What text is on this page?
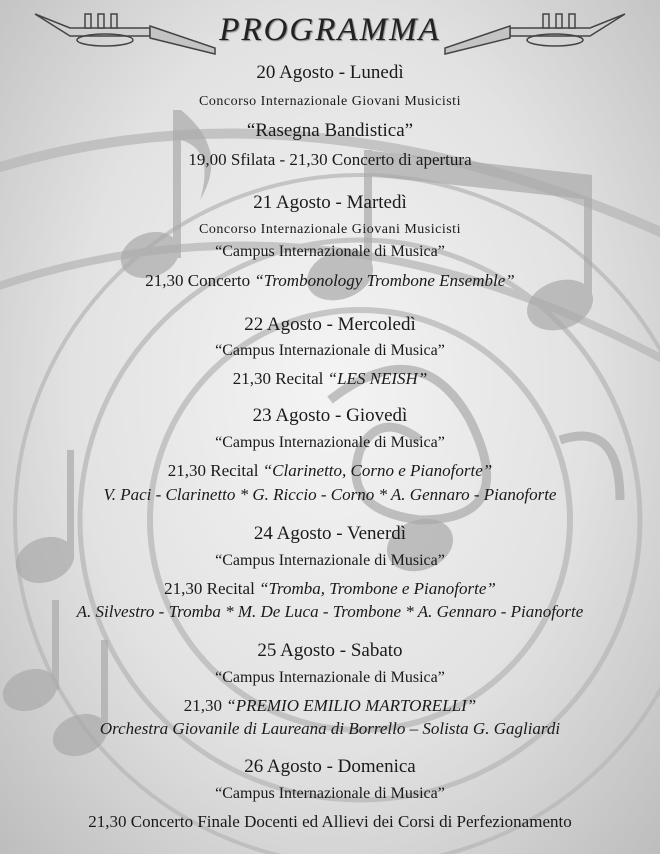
PROGRAMMA
20 Agosto - Lunedì
Concorso Internazionale Giovani Musicisti
“Rasegna Bandistica”
19,00 Sfilata - 21,30 Concerto di apertura
21 Agosto - Martedì
Concorso Internazionale Giovani Musicisti
“Campus Internazionale di Musica”
21,30 Concerto “Trombonology Trombone Ensemble”
22 Agosto - Mercoledì
“Campus Internazionale di Musica”
21,30 Recital “LES NEISH”
23 Agosto - Giovedì
“Campus Internazionale di Musica”
21,30 Recital “Clarinetto, Corno e Pianoforte”
V. Paci - Clarinetto * G. Riccio - Corno * A. Gennaro - Pianoforte
24 Agosto - Venerdì
“Campus Internazionale di Musica”
21,30 Recital “Tromba, Trombone e Pianoforte”
A. Silvestro - Tromba * M. De Luca - Trombone * A. Gennaro - Pianoforte
25 Agosto - Sabato
“Campus Internazionale di Musica”
21,30 “PREMIO EMILIO MARTORELLI”
Orchestra Giovanile di Laureana di Borrello – Solista G. Gagliardi
26 Agosto - Domenica
“Campus Internazionale di Musica”
21,30 Concerto Finale Docenti ed Allievi dei Corsi di Perfezionamento
